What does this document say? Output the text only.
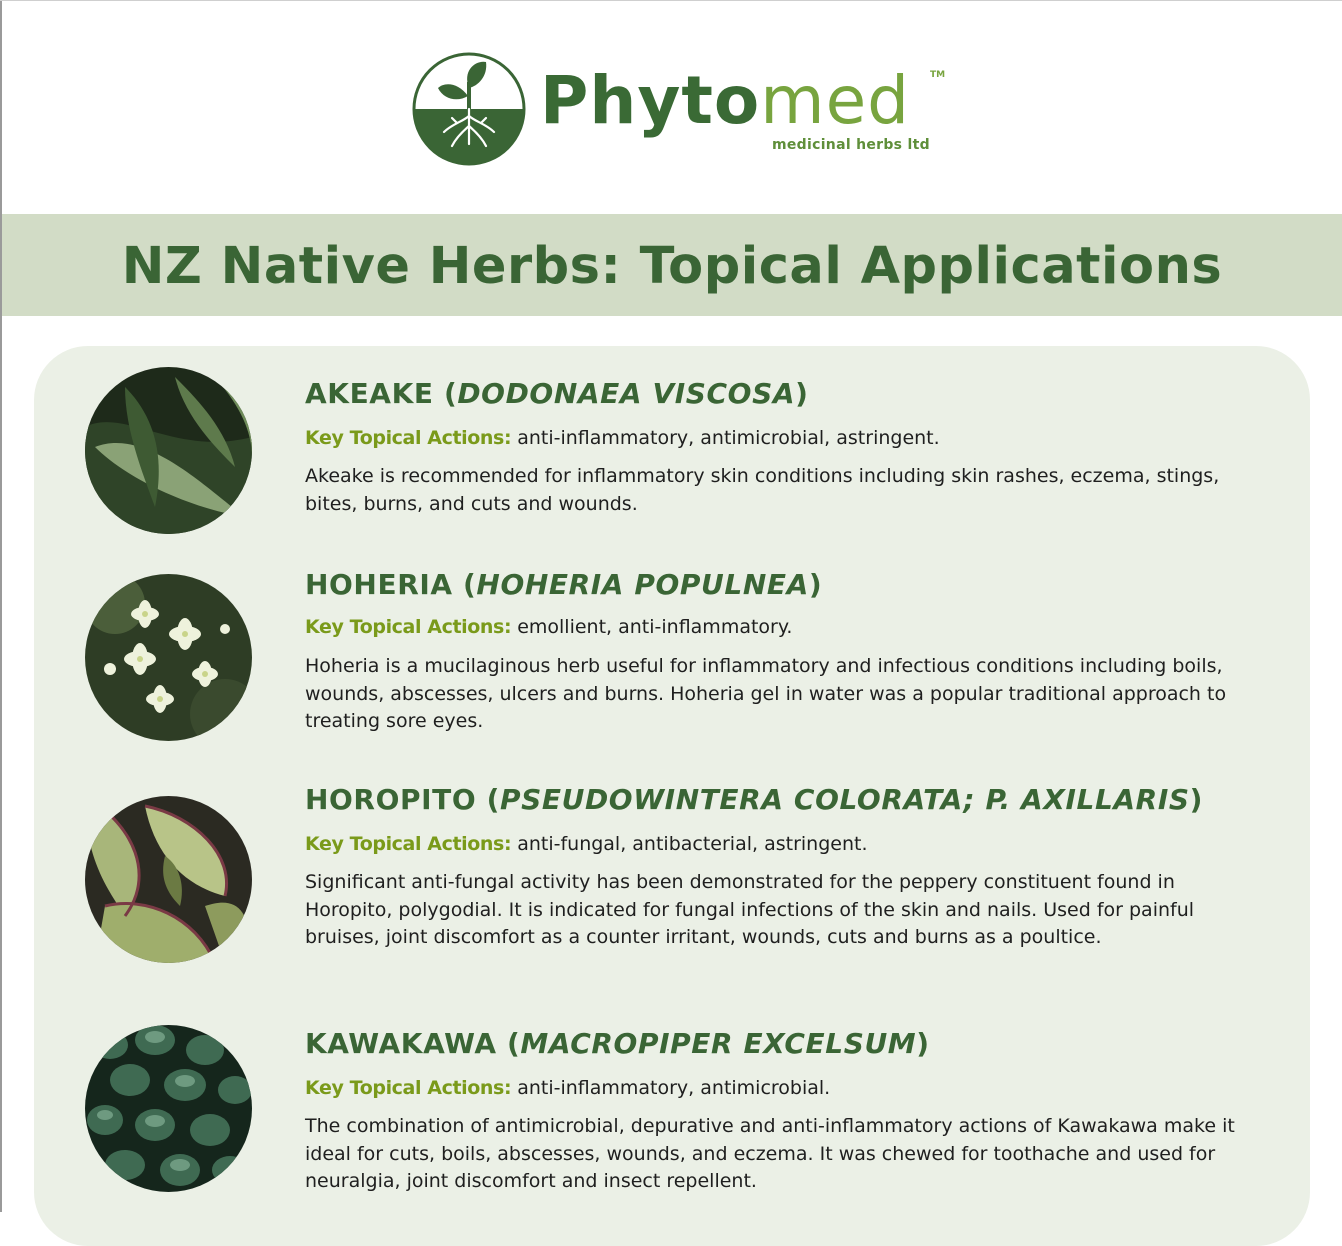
Phytomed TM
medicinal herbs ltd
NZ Native Herbs: Topical Applications
AKEAKE (DODONAEA VISCOSA)
Key Topical Actions: anti-inflammatory, antimicrobial, astringent.

Akeake is recommended for inflammatory skin conditions including skin rashes, eczema, stings, bites, burns, and cuts and wounds.

HOHERIA (HOHERIA POPULNEA)
Key Topical Actions: emollient, anti-inflammatory.

Hoheria is a mucilaginous herb useful for inflammatory and infectious conditions including boils, wounds, abscesses, ulcers and burns. Hoheria gel in water was a popular traditional approach to treating sore eyes.

HOROPITO (PSEUDOWINTERA COLORATA; P. AXILLARIS)
Key Topical Actions: anti-fungal, antibacterial, astringent.

Significant anti-fungal activity has been demonstrated for the peppery constituent found in Horopito, polygodial. It is indicated for fungal infections of the skin and nails. Used for painful bruises, joint discomfort as a counter irritant, wounds, cuts and burns as a poultice.

KAWAKAWA (MACROPIPER EXCELSUM)
Key Topical Actions: anti-inflammatory, antimicrobial.

The combination of antimicrobial, depurative and anti-inflammatory actions of Kawakawa make it ideal for cuts, boils, abscesses, wounds, and eczema. It was chewed for toothache and used for neuralgia, joint discomfort and insect repellent.
